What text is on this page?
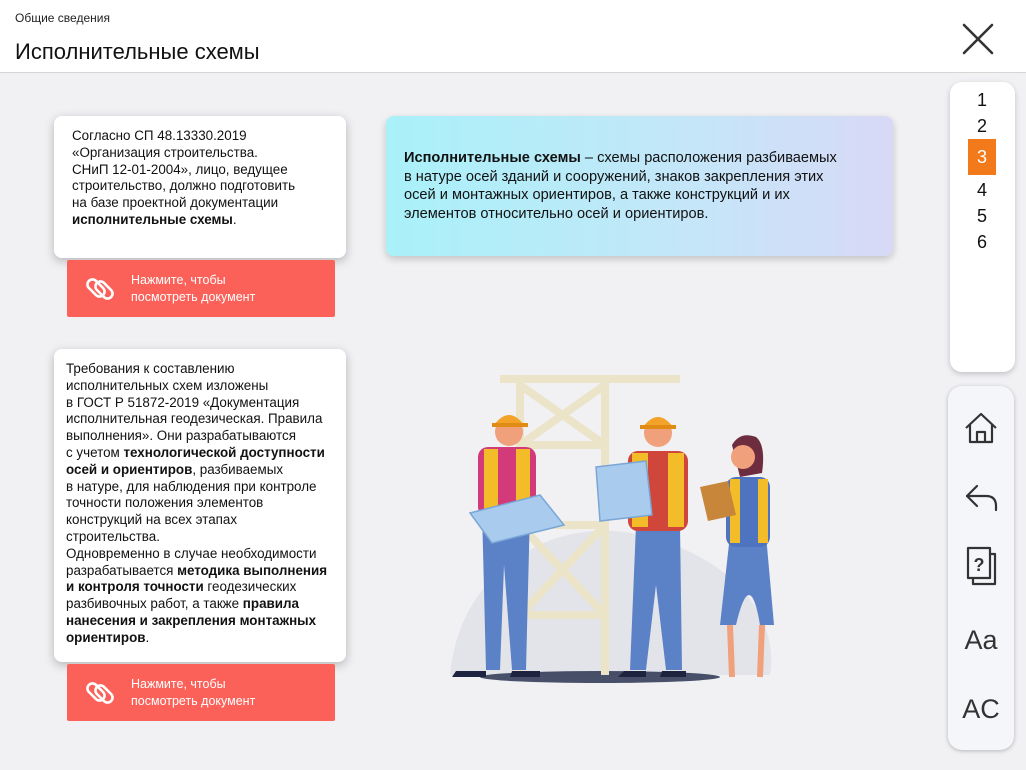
Общие сведения
Исполнительные схемы

Согласно СП 48.13330.2019

«Организация строительства.

СНиП 12-01-2004», лицо, ведущее

строительство, должно подготовить

на базе проектной документации

исполнительные схемы.

Нажмите, чтобы
посмотреть документ

Требования к составлению

исполнительных схем изложены

в ГОСТ Р 51872-2019 «Документация

исполнительная геодезическая. Правила

выполнения». Они разрабатываются

с учетом технологической доступности

осей и ориентиров, разбиваемых

в натуре, для наблюдения при контроле

точности положения элементов

конструкций на всех этапах

строительства.

Одновременно в случае необходимости

разрабатывается методика выполнения

и контроля точности геодезических

разбивочных работ, а также правила

нанесения и закрепления монтажных

ориентиров.

Нажмите, чтобы
посмотреть документ

Исполнительные схемы – схемы расположения разбиваемых

в натуре осей зданий и сооружений, знаков закрепления этих

осей и монтажных ориентиров, а также конструкций и их

элементов относительно осей и ориентиров.

1
2
3
4
5
6
?
Aa
AC
